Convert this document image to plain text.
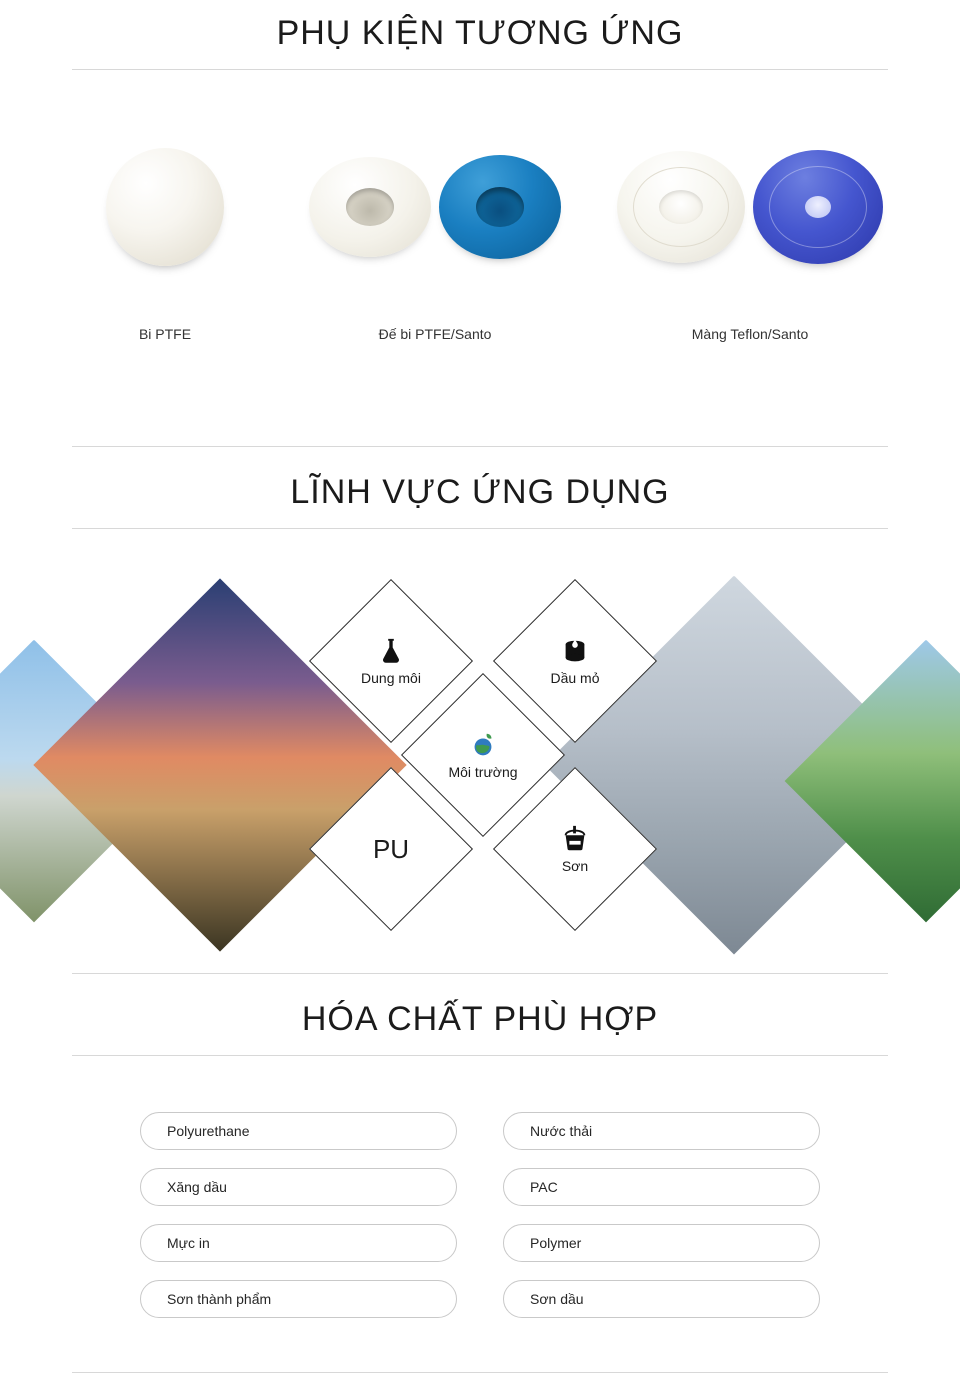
PHỤ KIỆN TƯƠNG ỨNG
Bi PTFE	Đế bi PTFE/Santo	Màng Teflon/Santo
LĨNH VỰC ỨNG DỤNG
Dung môi	Dầu mỏ
Môi trường
PU
Sơn
HÓA CHẤT PHÙ HỢP
Polyurethane	Nước thải
Xăng dầu	PAC
Mực in	Polymer
Sơn thành phẩm	Sơn dầu
